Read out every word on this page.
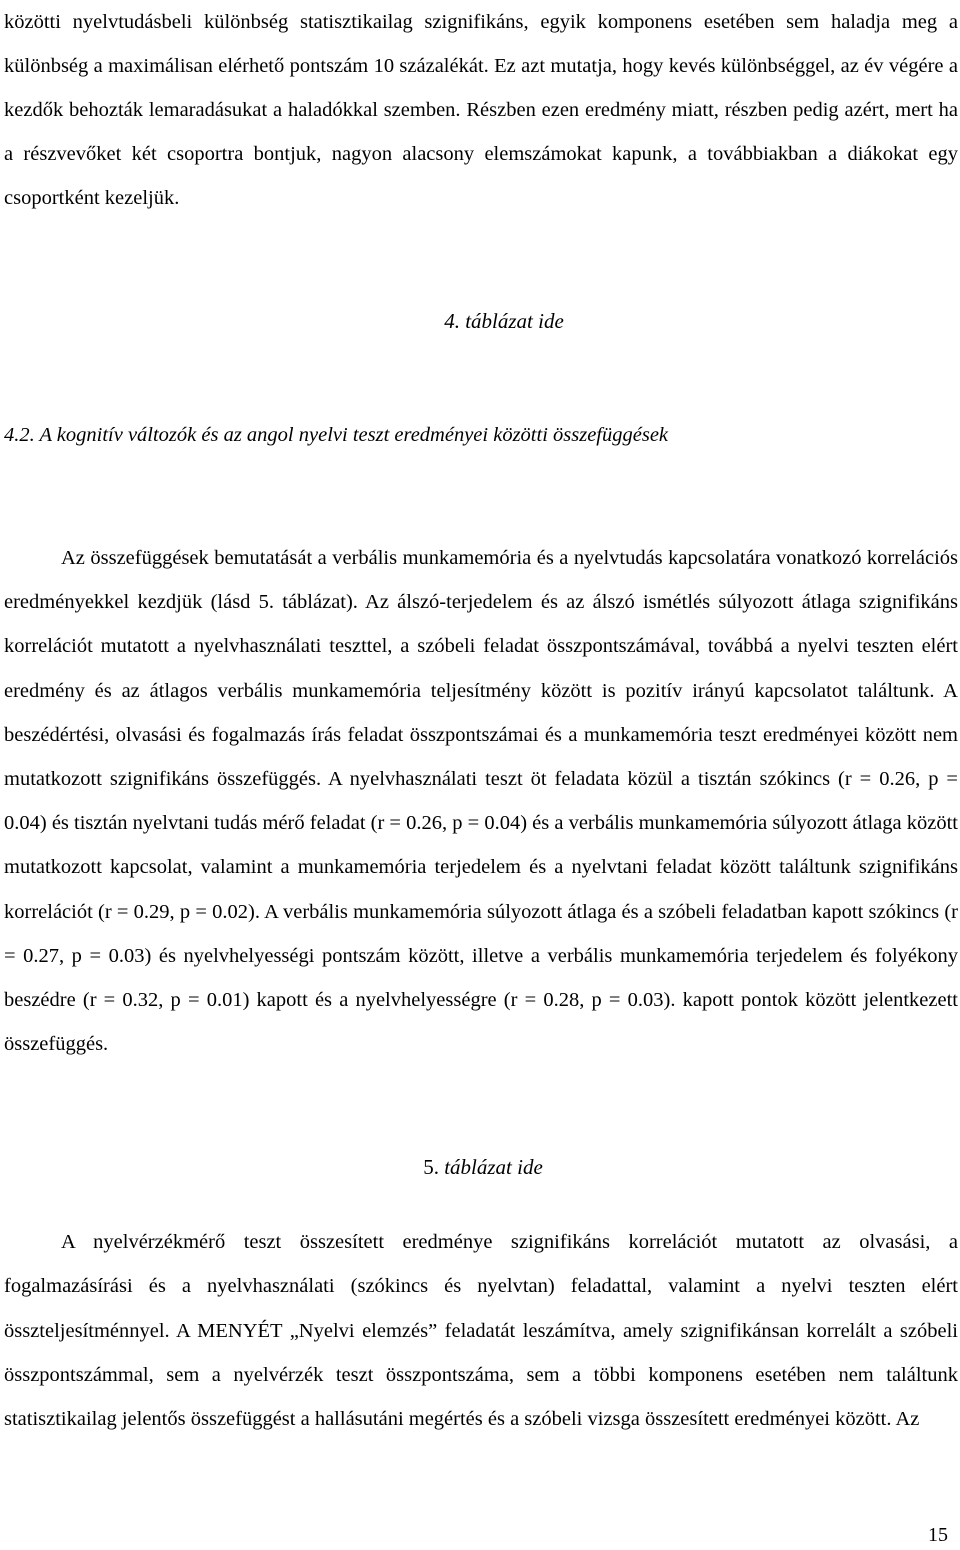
közötti nyelvtudásbeli különbség statisztikailag szignifikáns, egyik komponens esetében sem haladja meg a különbség a maximálisan elérhető pontszám 10 százalékát. Ez azt mutatja, hogy kevés különbséggel, az év végére a kezdők behozták lemaradásukat a haladókkal szemben. Részben ezen eredmény miatt, részben pedig azért, mert ha a részvevőket két csoportra bontjuk, nagyon alacsony elemszámokat kapunk, a továbbiakban a diákokat egy csoportként kezeljük.

4. táblázat ide

4.2. A kognitív változók és az angol nyelvi teszt eredményei közötti összefüggések

Az összefüggések bemutatását a verbális munkamemória és a nyelvtudás kapcsolatára vonatkozó korrelációs eredményekkel kezdjük (lásd 5. táblázat). Az álszó-terjedelem és az álszó ismétlés súlyozott átlaga szignifikáns korrelációt mutatott a nyelvhasználati teszttel, a szóbeli feladat összpontszámával, továbbá a nyelvi teszten elért eredmény és az átlagos verbális munkamemória teljesítmény között is pozitív irányú kapcsolatot találtunk. A beszédértési, olvasási és fogalmazás írás feladat összpontszámai és a munkamemória teszt eredményei között nem mutatkozott szignifikáns összefüggés. A nyelvhasználati teszt öt feladata közül a tisztán szókincs (r = 0.26, p = 0.04) és tisztán nyelvtani tudás mérő feladat (r = 0.26, p = 0.04) és a verbális munkamemória súlyozott átlaga között mutatkozott kapcsolat, valamint a munkamemória terjedelem és a nyelvtani feladat között találtunk szignifikáns korrelációt (r = 0.29, p = 0.02). A verbális munkamemória súlyozott átlaga és a szóbeli feladatban kapott szókincs (r = 0.27, p = 0.03) és nyelvhelyességi pontszám között, illetve a verbális munkamemória terjedelem és folyékony beszédre (r = 0.32, p = 0.01) kapott és a nyelvhelyességre (r = 0.28, p = 0.03). kapott pontok között jelentkezett összefüggés.

5. táblázat ide

A nyelvérzékmérő teszt összesített eredménye szignifikáns korrelációt mutatott az olvasási, a fogalmazásírási és a nyelvhasználati (szókincs és nyelvtan) feladattal, valamint a nyelvi teszten elért összteljesítménnyel. A MENYÉT „Nyelvi elemzés” feladatát leszámítva, amely szignifikánsan korrelált a szóbeli összpontszámmal, sem a nyelvérzék teszt összpontszáma, sem a többi komponens esetében nem találtunk statisztikailag jelentős összefüggést a hallásutáni megértés és a szóbeli vizsga összesített eredményei között. Az

15
